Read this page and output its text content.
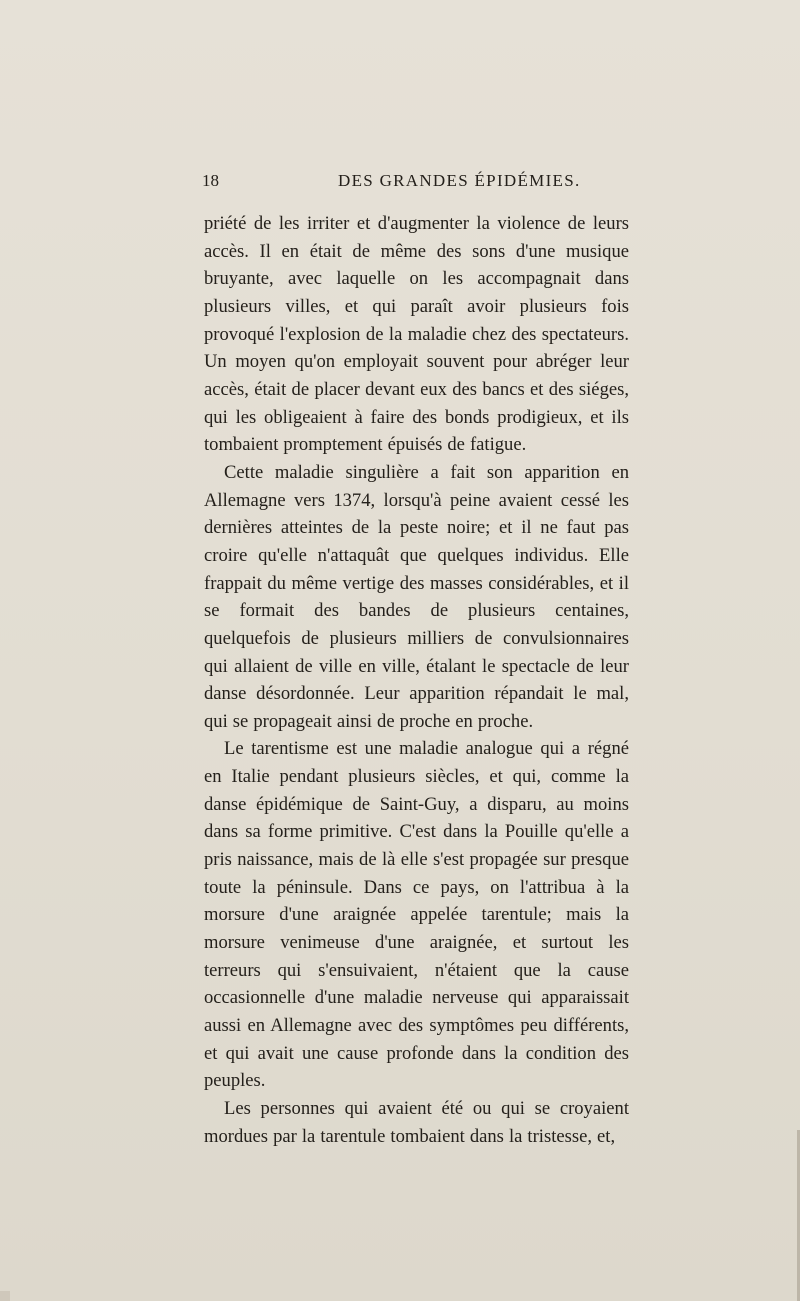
18	DES GRANDES ÉPIDÉMIES.

priété de les irriter et d'augmenter la violence de leurs accès. Il en était de même des sons d'une musique bruyante, avec laquelle on les accompagnait dans plusieurs villes, et qui paraît avoir plusieurs fois provoqué l'explosion de la maladie chez des spectateurs. Un moyen qu'on employait souvent pour abréger leur accès, était de placer devant eux des bancs et des siéges, qui les obligeaient à faire des bonds prodigieux, et ils tombaient promptement épuisés de fatigue.

Cette maladie singulière a fait son apparition en Allemagne vers 1374, lorsqu'à peine avaient cessé les dernières atteintes de la peste noire; et il ne faut pas croire qu'elle n'attaquât que quelques individus. Elle frappait du même vertige des masses considérables, et il se formait des bandes de plusieurs centaines, quelquefois de plusieurs milliers de convulsionnaires qui allaient de ville en ville, étalant le spectacle de leur danse désordonnée. Leur apparition répandait le mal, qui se propageait ainsi de proche en proche.

Le tarentisme est une maladie analogue qui a régné en Italie pendant plusieurs siècles, et qui, comme la danse épidémique de Saint-Guy, a disparu, au moins dans sa forme primitive. C'est dans la Pouille qu'elle a pris naissance, mais de là elle s'est propagée sur presque toute la péninsule. Dans ce pays, on l'attribua à la morsure d'une araignée appelée tarentule; mais la morsure venimeuse d'une araignée, et surtout les terreurs qui s'ensuivaient, n'étaient que la cause occasionnelle d'une maladie nerveuse qui apparaissait aussi en Allemagne avec des symptômes peu différents, et qui avait une cause profonde dans la condition des peuples.

Les personnes qui avaient été ou qui se croyaient mordues par la tarentule tombaient dans la tristesse, et,
